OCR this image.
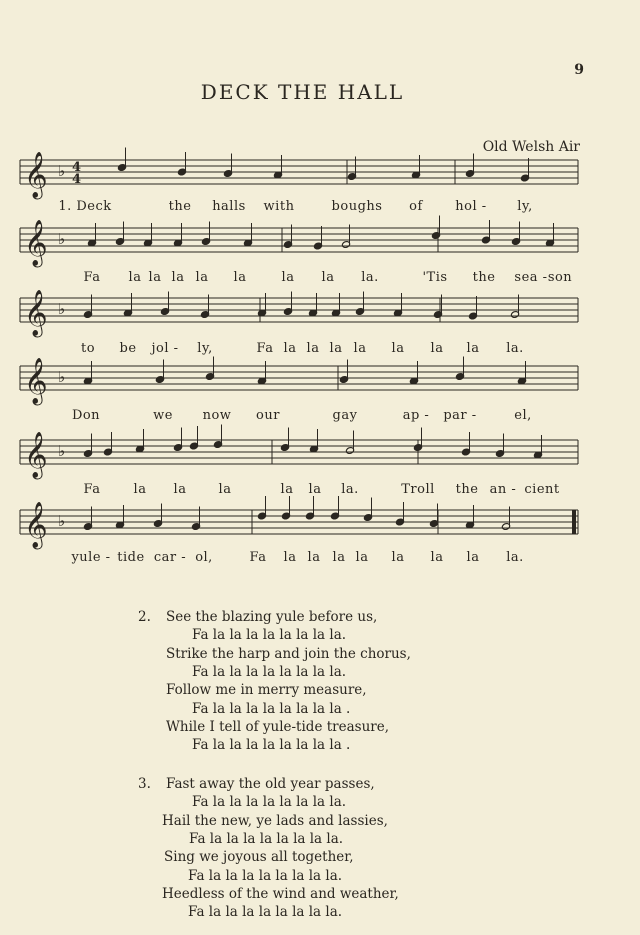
9
DECK THE HALL
Old Welsh Air
𝄞 ♭ 4
4
1. Deck	the halls with	boughs of hol - ly,
𝄞 ♭
Fa la la la la la	la la la.	'Tis the sea - son
𝄞 ♭
to be jol - ly,	Fa la la la la la la la la.
𝄞 ♭
Don	we now our	gay	ap - par -	el,
𝄞 ♭
Fa	la la la	la la la.	Troll the an - cient
𝄞 ♭
yule - tide car - ol,	Fa la la la la la la la la.
2. See the blazing yule before us,
Fa la la la la la la la la.
Strike the harp and join the chorus,
Fa la la la la la la la la.
Follow me in merry measure,
Fa la la la la la la la la .
While I tell of yule-tide treasure,
Fa la la la la la la la la .
3. Fast away the old year passes,
Fa la la la la la la la la.
Hail the new, ye lads and lassies,
Fa la la la la la la la la.
Sing we joyous all together,
Fa la la la la la la la la.
Heedless of the wind and weather,
Fa la la la la la la la la.
